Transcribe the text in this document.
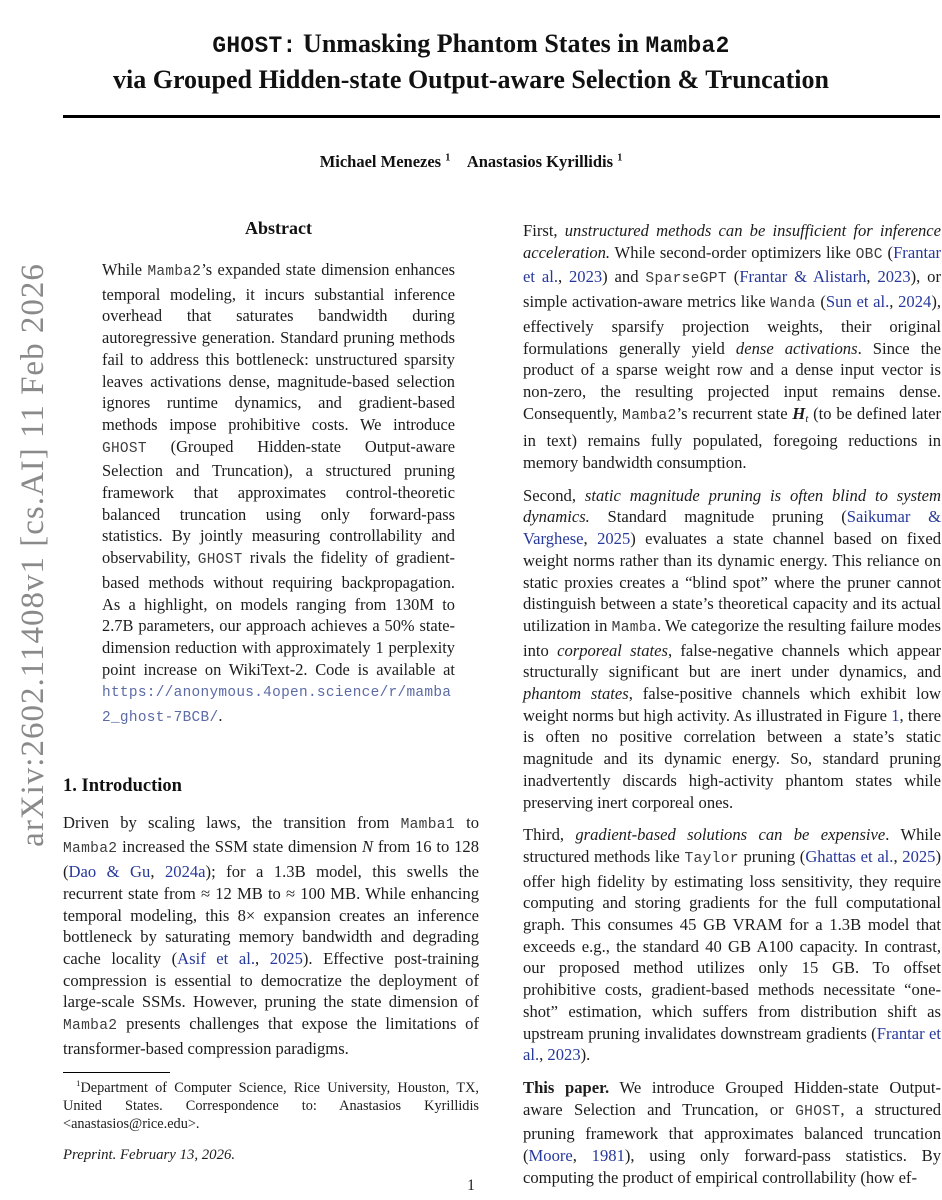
arXiv:2602.11408v1 [cs.AI] 11 Feb 2026
GHOST: Unmasking Phantom States in Mamba2
via Grouped Hidden-state Output-aware Selection & Truncation
Michael Menezes $^1$   Anastasios Kyrillidis $^1$
Abstract
While Mamba2’s expanded state dimension enhances temporal modeling, it incurs substantial inference overhead that saturates bandwidth during autoregressive generation. Standard pruning methods fail to address this bottleneck: unstructured sparsity leaves activations dense, magnitude-based selection ignores runtime dynamics, and gradient-based methods impose prohibitive costs. We introduce GHOST (Grouped Hidden-state Output-aware Selection and Truncation), a structured pruning framework that approximates control-theoretic balanced truncation using only forward-pass statistics. By jointly measuring controllability and observability, GHOST rivals the fidelity of gradient-based methods without requiring backpropagation. As a highlight, on models ranging from 130M to 2.7B parameters, our approach achieves a 50% state-dimension reduction with approximately 1 perplexity point increase on WikiText-2. Code is available at https://anonymous.4open.science/r/mamba2_ghost-7BCB/.
1. Introduction
Driven by scaling laws, the transition from Mamba1 to Mamba2 increased the SSM state dimension N from 16 to 128 (Dao & Gu, 2024a); for a 1.3B model, this swells the recurrent state from ≈ 12 MB to ≈ 100 MB. While enhancing temporal modeling, this 8× expansion creates an inference bottleneck by saturating memory bandwidth and degrading cache locality (Asif et al., 2025). Effective post-training compression is essential to democratize the deployment of large-scale SSMs. However, pruning the state dimension of Mamba2 presents challenges that expose the limitations of transformer-based compression paradigms.
$^1$Department of Computer Science, Rice University, Houston, TX, United States. Correspondence to: Anastasios Kyrillidis <anastasios@rice.edu>.
Preprint. February 13, 2026.
First, unstructured methods can be insufficient for inference acceleration. While second-order optimizers like OBC (Frantar et al., 2023) and SparseGPT (Frantar & Alistarh, 2023), or simple activation-aware metrics like Wanda (Sun et al., 2024), effectively sparsify projection weights, their original formulations generally yield dense activations. Since the product of a sparse weight row and a dense input vector is non-zero, the resulting projected input remains dense. Consequently, Mamba2’s recurrent state Ht (to be defined later in text) remains fully populated, foregoing reductions in memory bandwidth consumption.
Second, static magnitude pruning is often blind to system dynamics. Standard magnitude pruning (Saikumar & Varghese, 2025) evaluates a state channel based on fixed weight norms rather than its dynamic energy. This reliance on static proxies creates a “blind spot” where the pruner cannot distinguish between a state’s theoretical capacity and its actual utilization in Mamba. We categorize the resulting failure modes into corporeal states, false-negative channels which appear structurally significant but are inert under dynamics, and phantom states, false-positive channels which exhibit low weight norms but high activity. As illustrated in Figure 1, there is often no positive correlation between a state’s static magnitude and its dynamic energy. So, standard pruning inadvertently discards high-activity phantom states while preserving inert corporeal ones.
Third, gradient-based solutions can be expensive. While structured methods like Taylor pruning (Ghattas et al., 2025) offer high fidelity by estimating loss sensitivity, they require computing and storing gradients for the full computational graph. This consumes 45 GB VRAM for a 1.3B model that exceeds e.g., the standard 40 GB A100 capacity. In contrast, our proposed method utilizes only 15 GB. To offset prohibitive costs, gradient-based methods necessitate “one-shot” estimation, which suffers from distribution shift as upstream pruning invalidates downstream gradients (Frantar et al., 2023).
This paper. We introduce Grouped Hidden-state Output-aware Selection and Truncation, or GHOST, a structured pruning framework that approximates balanced truncation (Moore, 1981), using only forward-pass statistics. By computing the product of empirical controllability (how ef-
1
